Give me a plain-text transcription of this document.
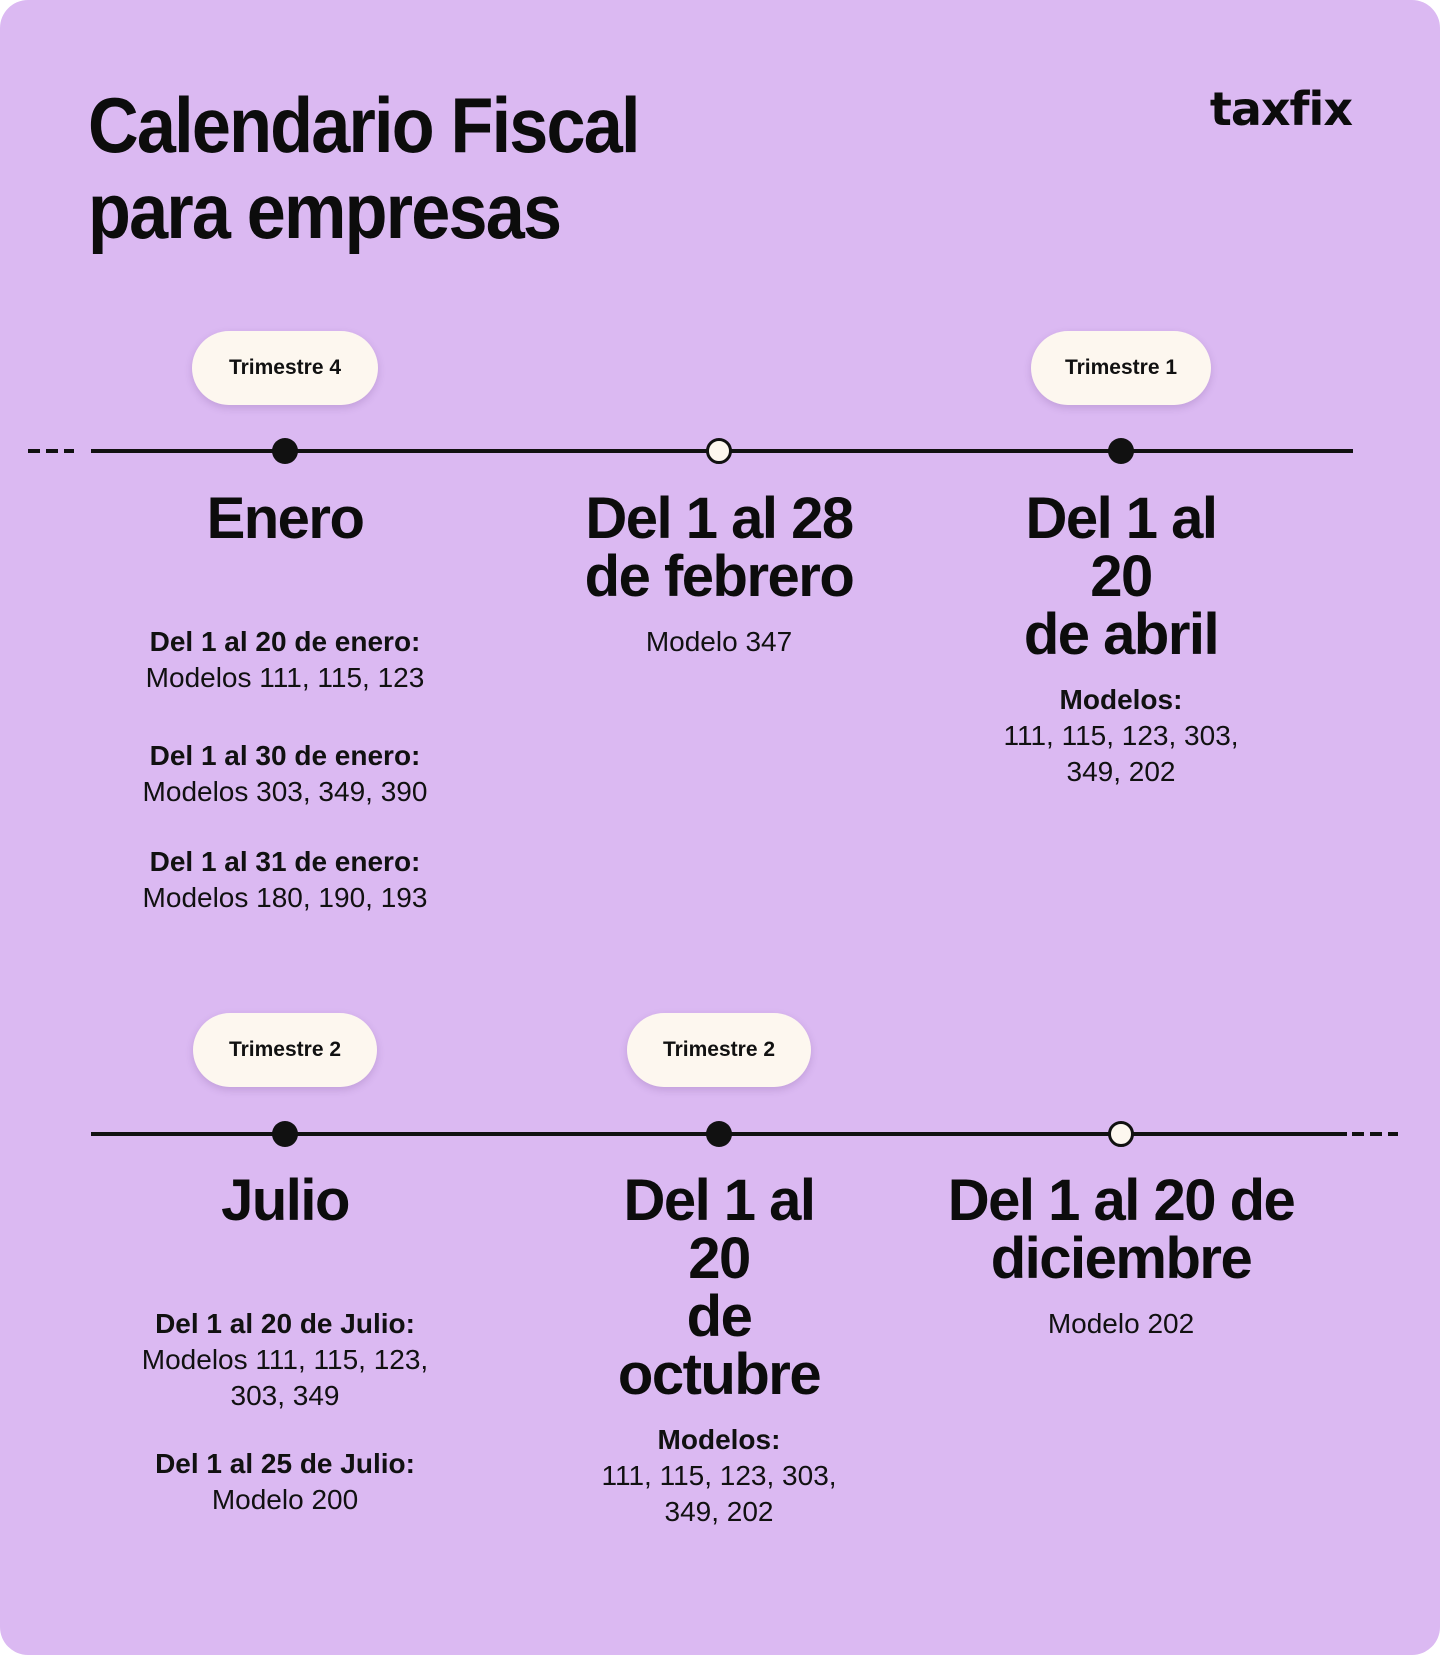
Calendario Fiscal
para empresas
taxfix
Trimestre 4	Trimestre 1
Enero
Del 1 al 20 de enero:
Modelos 111, 115, 123
Del 1 al 30 de enero:
Modelos 303, 349, 390
Del 1 al 31 de enero:
Modelos 180, 190, 193
Del 1 al 28
de febrero
Modelo 347
Del 1 al 20
de abril
Modelos:
111, 115, 123, 303, 349, 202
Trimestre 2	Trimestre 2
Julio
Del 1 al 20 de Julio:
Modelos 111, 115, 123, 303, 349
Del 1 al 25 de Julio:
Modelo 200
Del 1 al 20
de octubre
Modelos:
111, 115, 123, 303, 349, 202
Del 1 al 20 de
diciembre
Modelo 202
